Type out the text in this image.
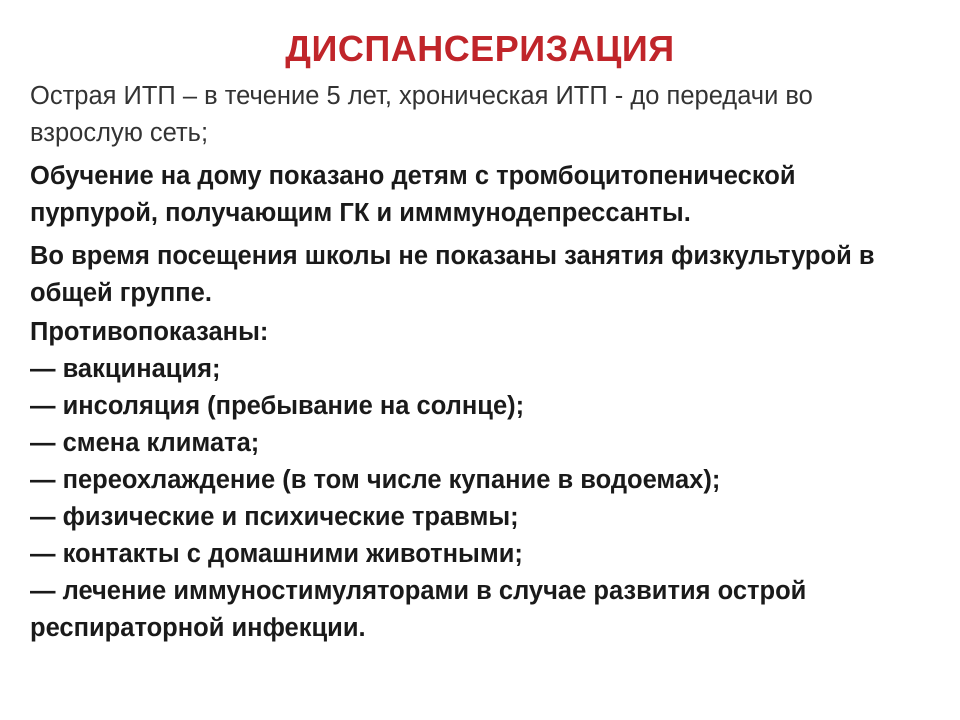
ДИСПАНСЕРИЗАЦИЯ

Острая ИТП – в течение 5 лет, хроническая ИТП - до передачи во
взрослую сеть;

Обучение на дому показано детям с тромбоцитопенической
пурпурой, получающим ГК и имммунодепрессанты.

Во время посещения школы не показаны занятия физкультурой в
общей группе.

Противопоказаны:

— вакцинация;

— инсоляция (пребывание на солнце);

— смена климата;

— переохлаждение (в том числе купание в водоемах);

— физические и психические травмы;

— контакты с домашними животными;

— лечение иммуностимуляторами в случае развития острой
респираторной инфекции.
